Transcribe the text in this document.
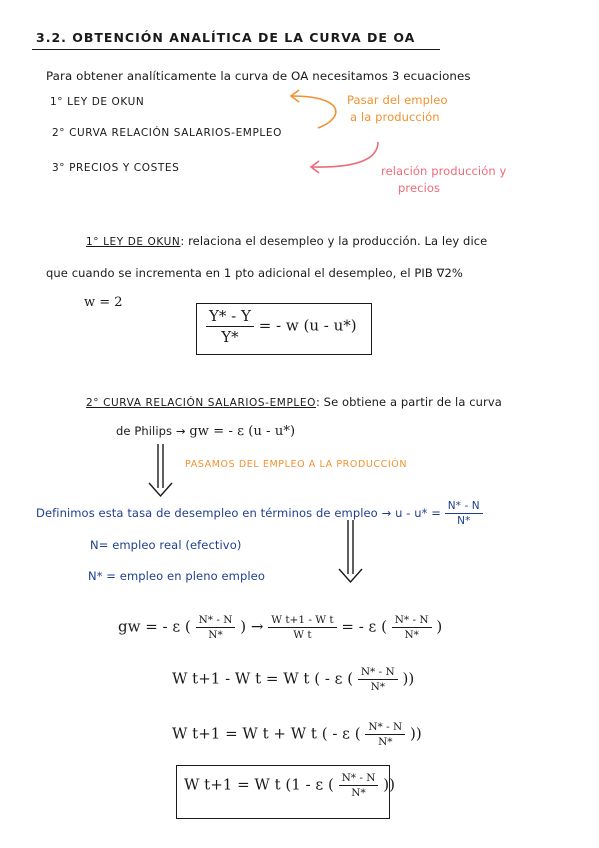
3.2. OBTENCIÓN ANALÍTICA DE LA CURVA DE OA
Para obtener analíticamente la curva de OA necesitamos 3 ecuaciones
1° LEY DE OKUN
2° CURVA RELACIÓN SALARIOS-EMPLEO
3° PRECIOS Y COSTES
Pasar del empleo
a la producción
relación producción y
precios
1° LEY DE OKUN: relaciona el desempleo y la producción. La ley dice
que cuando se incrementa en 1 pto adicional el desempleo, el PIB ∇2%
w = 2
$\frac{Y* - Y}{Y*}$ = - w (u - u*)
2° CURVA RELACIÓN SALARIOS-EMPLEO: Se obtiene a partir de la curva
de Philips → gw = - ε (u - u*)
PASAMOS DEL EMPLEO A LA PRODUCCIÓN
Definimos esta tasa de desempleo en términos de empleo → $u - u* = \frac{N* - N}{N*}$
N= empleo real (efectivo)
N* = empleo en pleno empleo
gw = - ε ( $\frac{N* - N}{N*}$ ) → $\frac{\text{W t+1 - W t}}{\text{W t}}$ = - ε ( $\frac{N* - N}{N*}$ )
W t+1 - W t = W t ( - ε ( $\frac{N* - N}{N*}$ ))
W t+1 = W t + W t ( - ε ( $\frac{N* - N}{N*}$ ))
W t+1 = W t (1 - ε ( $\frac{N* - N}{N*}$ ))
